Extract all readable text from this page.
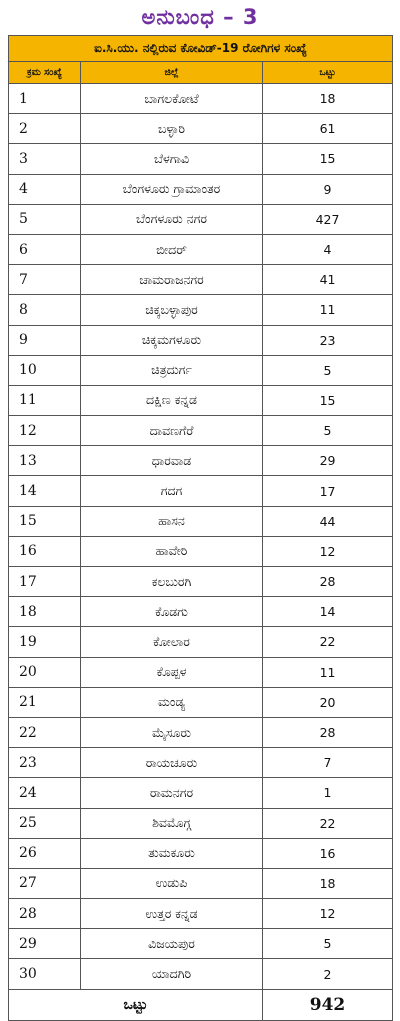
ಅನುಬಂಧ – 3
ಐ.ಸಿ.ಯು. ನಲ್ಲಿರುವ ಕೋವಿಡ್-19 ರೋಗಿಗಳ ಸಂಖ್ಯೆ		
ಕ್ರಮ ಸಂಖ್ಯೆ	ಜಿಲ್ಲೆ	ಒಟ್ಟು
1	ಬಾಗಲಕೋಟೆ	18
2	ಬಳ್ಳಾರಿ	61
3	ಬೆಳಗಾವಿ	15
4	ಬೆಂಗಳೂರು ಗ್ರಾಮಾಂತರ	9
5	ಬೆಂಗಳೂರು ನಗರ	427
6	ಬೀದರ್	4
7	ಚಾಮರಾಜನಗರ	41
8	ಚಿಕ್ಕಬಳ್ಳಾಪುರ	11
9	ಚಿಕ್ಕಮಗಳೂರು	23
10	ಚಿತ್ರದುರ್ಗ	5
11	ದಕ್ಷಿಣ ಕನ್ನಡ	15
12	ದಾವಣಗೆರೆ	5
13	ಧಾರವಾಡ	29
14	ಗದಗ	17
15	ಹಾಸನ	44
16	ಹಾವೇರಿ	12
17	ಕಲಬುರಗಿ	28
18	ಕೊಡಗು	14
19	ಕೋಲಾರ	22
20	ಕೊಪ್ಪಳ	11
21	ಮಂಡ್ಯ	20
22	ಮೈಸೂರು	28
23	ರಾಯಚೂರು	7
24	ರಾಮನಗರ	1
25	ಶಿವಮೊಗ್ಗ	22
26	ತುಮಕೂರು	16
27	ಉಡುಪಿ	18
28	ಉತ್ತರ ಕನ್ನಡ	12
29	ವಿಜಯಪುರ	5
30	ಯಾದಗಿರಿ	2
ಒಟ್ಟು		942
